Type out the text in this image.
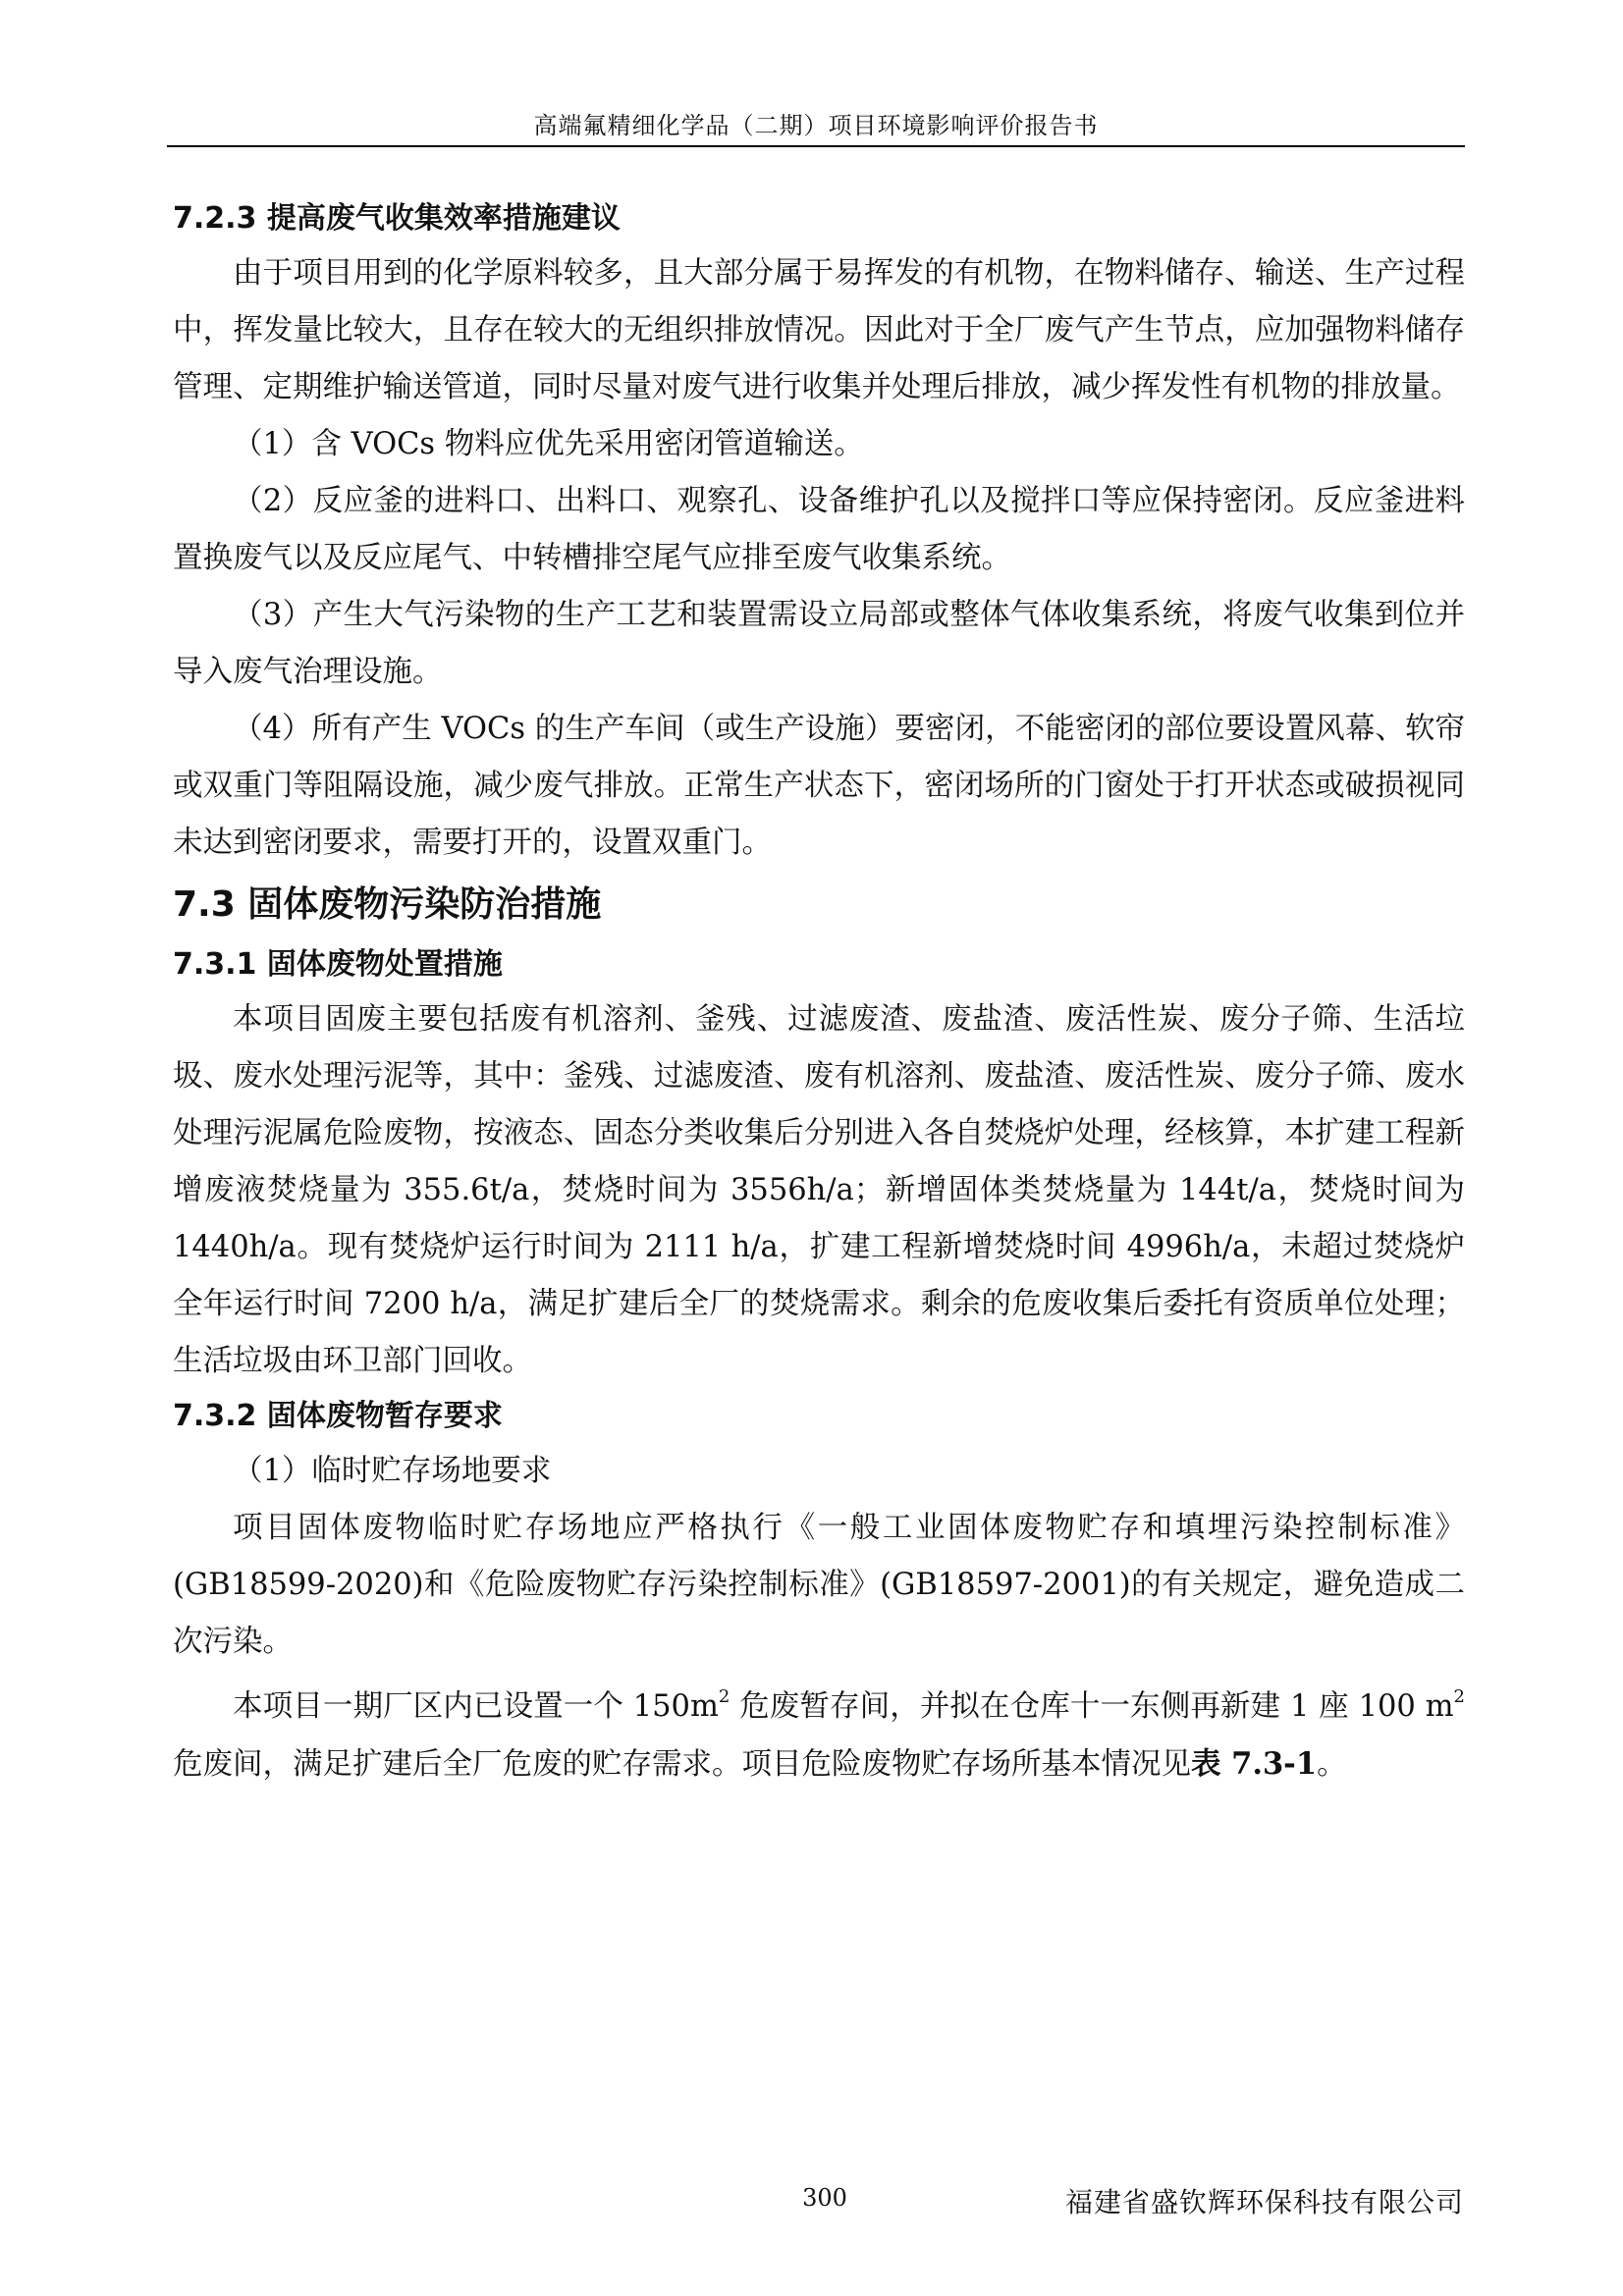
高端氟精细化学品（二期）项目环境影响评价报告书
7.2.3 提高废气收集效率措施建议

由于项目用到的化学原料较多，且大部分属于易挥发的有机物，在物料储存、输送、生产过程中，挥发量比较大，且存在较大的无组织排放情况。因此对于全厂废气产生节点，应加强物料储存管理、定期维护输送管道，同时尽量对废气进行收集并处理后排放，减少挥发性有机物的排放量。

（1）含 VOCs 物料应优先采用密闭管道输送。

（2）反应釜的进料口、出料口、观察孔、设备维护孔以及搅拌口等应保持密闭。反应釜进料置换废气以及反应尾气、中转槽排空尾气应排至废气收集系统。

（3）产生大气污染物的生产工艺和装置需设立局部或整体气体收集系统，将废气收集到位并导入废气治理设施。

（4）所有产生 VOCs 的生产车间（或生产设施）要密闭，不能密闭的部位要设置风幕、软帘或双重门等阻隔设施，减少废气排放。正常生产状态下，密闭场所的门窗处于打开状态或破损视同未达到密闭要求，需要打开的，设置双重门。

7.3 固体废物污染防治措施
7.3.1 固体废物处置措施

本项目固废主要包括废有机溶剂、釜残、过滤废渣、废盐渣、废活性炭、废分子筛、生活垃圾、废水处理污泥等，其中：釜残、过滤废渣、废有机溶剂、废盐渣、废活性炭、废分子筛、废水处理污泥属危险废物，按液态、固态分类收集后分别进入各自焚烧炉处理，经核算，本扩建工程新增废液焚烧量为 355.6t/a，焚烧时间为 3556h/a；新增固体类焚烧量为 144t/a，焚烧时间为 1440h/a。现有焚烧炉运行时间为 2111 h/a，扩建工程新增焚烧时间 4996h/a，未超过焚烧炉全年运行时间 7200 h/a，满足扩建后全厂的焚烧需求。剩余的危废收集后委托有资质单位处理；生活垃圾由环卫部门回收。

7.3.2 固体废物暂存要求

（1）临时贮存场地要求

项目固体废物临时贮存场地应严格执行《一般工业固体废物贮存和填埋污染控制标准》(GB18599-2020)和《危险废物贮存污染控制标准》(GB18597-2001)的有关规定，避免造成二次污染。

本项目一期厂区内已设置一个 $150m^2$ 危废暂存间，并拟在仓库十一东侧再新建 1 座 100 $m^2$ 危废间，满足扩建后全厂危废的贮存需求。项目危险废物贮存场所基本情况见表 7.3-1。

300	福建省盛钦辉环保科技有限公司
